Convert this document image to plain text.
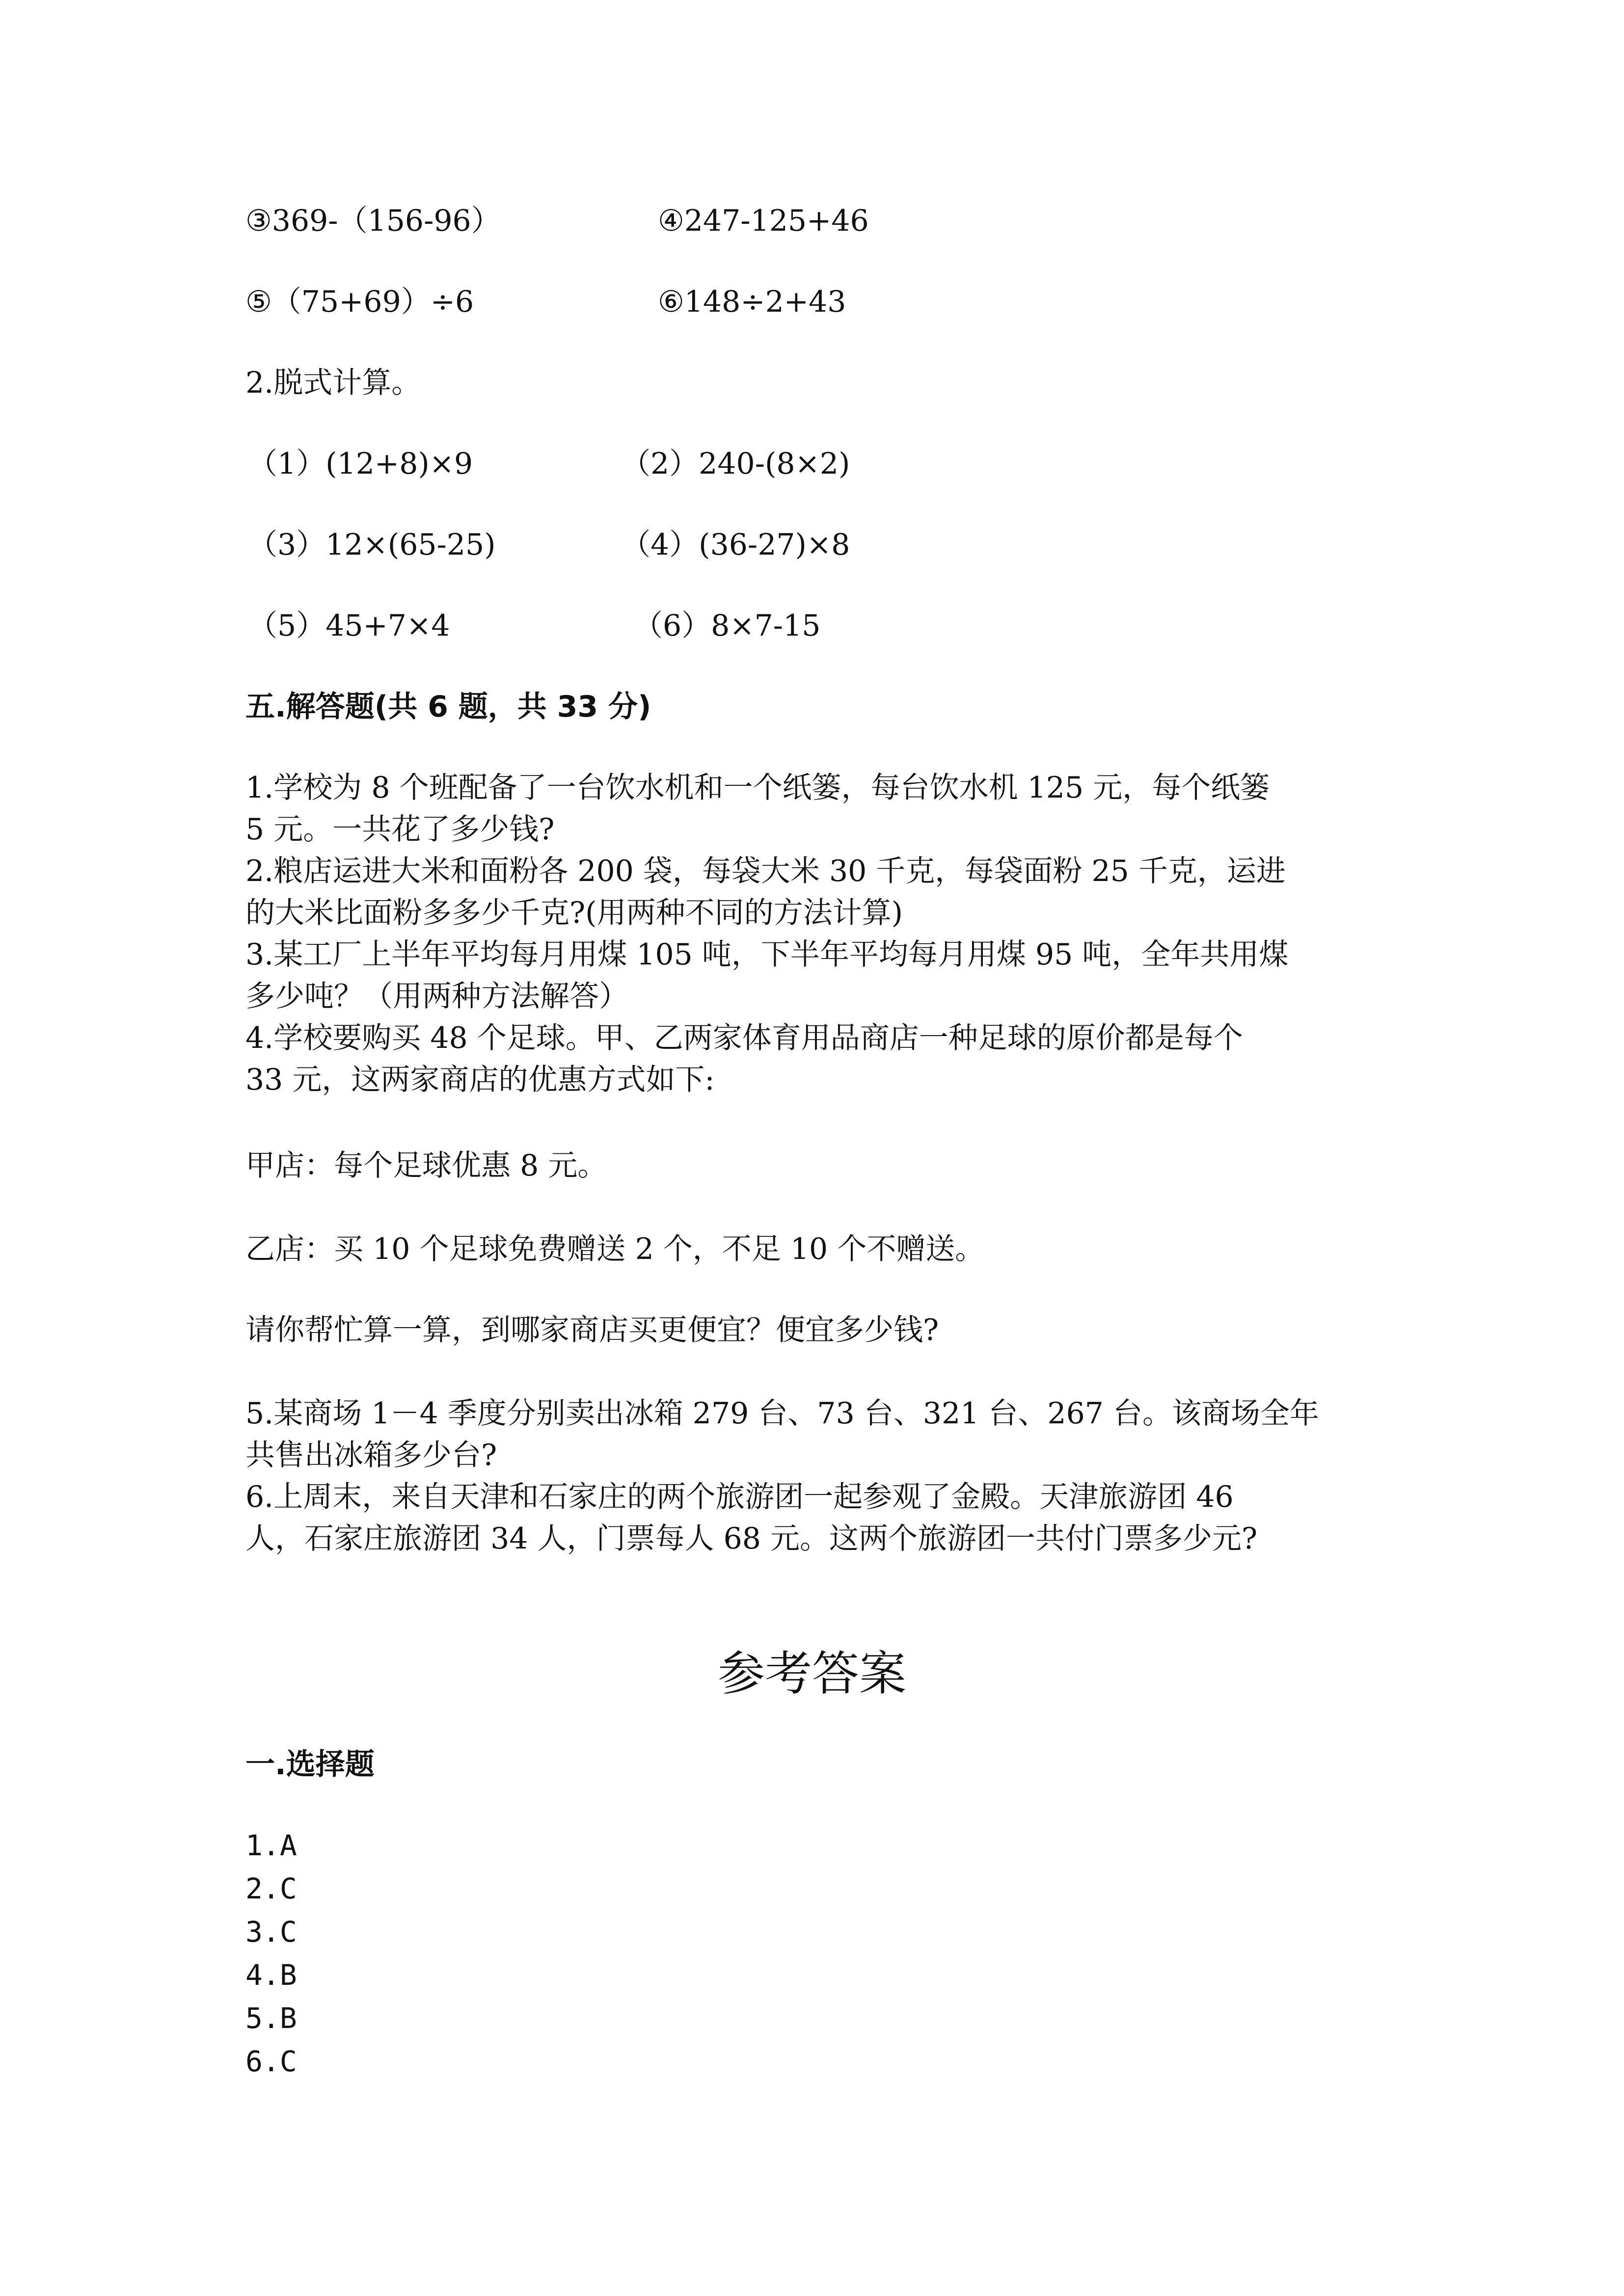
③369-（156-96）	④247-125+46
⑤（75+69）÷6	⑥148÷2+43
2.脱式计算。
（1）(12+8)×9	（2）240-(8×2)
（3）12×(65-25)	（4）(36-27)×8
（5）45+7×4	（6）8×7-15
五.解答题(共 6 题，共 33 分)
1.学校为 8 个班配备了一台饮水机和一个纸篓，每台饮水机 125 元，每个纸篓
5 元。一共花了多少钱?
2.粮店运进大米和面粉各 200 袋，每袋大米 30 千克，每袋面粉 25 千克，运进
的大米比面粉多多少千克?(用两种不同的方法计算)
3.某工厂上半年平均每月用煤 105 吨，下半年平均每月用煤 95 吨，全年共用煤
多少吨？（用两种方法解答）
4.学校要购买 48 个足球。甲、乙两家体育用品商店一种足球的原价都是每个
33 元，这两家商店的优惠方式如下:
甲店：每个足球优惠 8 元。
乙店：买 10 个足球免费赠送 2 个，不足 10 个不赠送。
请你帮忙算一算，到哪家商店买更便宜？便宜多少钱?
5.某商场 1－4 季度分别卖出冰箱 279 台、73 台、321 台、267 台。该商场全年
共售出冰箱多少台?
6.上周末，来自天津和石家庄的两个旅游团一起参观了金殿。天津旅游团 46
人，石家庄旅游团 34 人，门票每人 68 元。这两个旅游团一共付门票多少元?
参考答案
一.选择题
1.A
2.C
3.C
4.B
5.B
6.C
